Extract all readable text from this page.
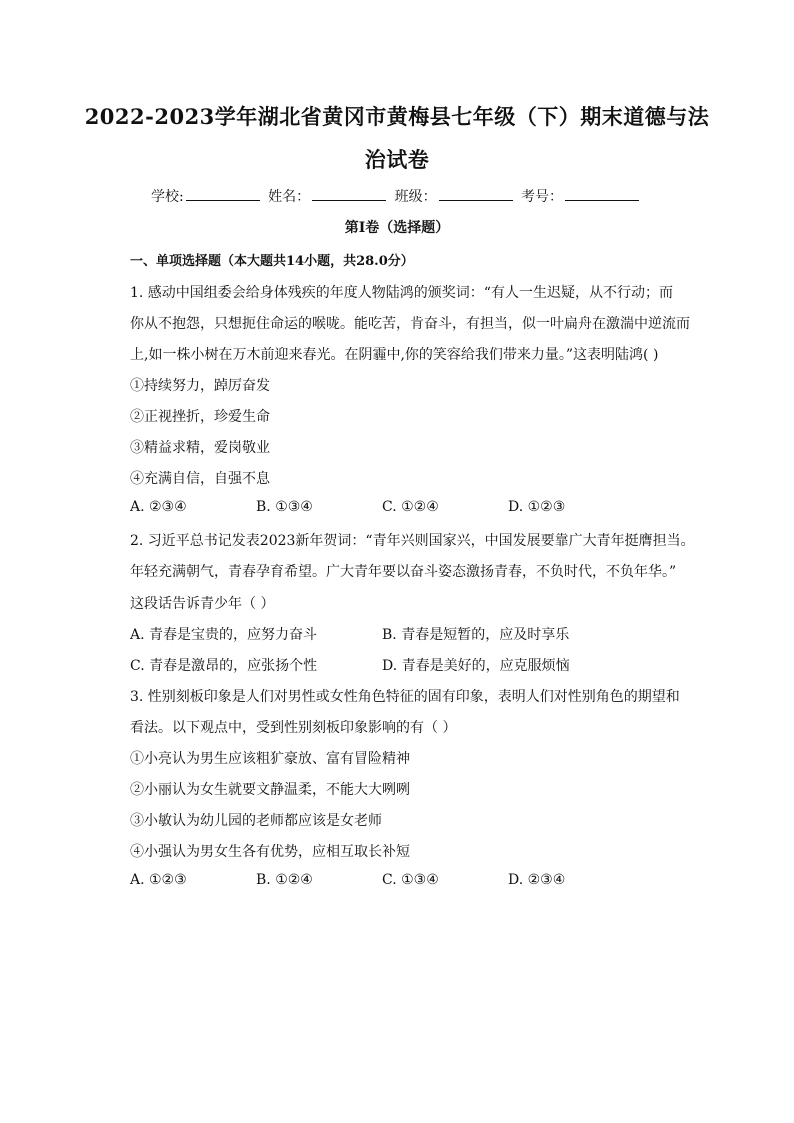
2022-2023学年湖北省黄冈市黄梅县七年级（下）期末道德与法
治试卷
学校:	姓名：	班级：	考号：
第I卷（选择题）
一、单项选择题（本大题共14小题，共28.0分）
1. 感动中国组委会给身体残疾的年度人物陆鸿的颁奖词：“有人一生迟疑，从不行动；而
你从不抱怨，只想扼住命运的喉咙。能吃苦，肯奋斗，有担当，似一叶扁舟在激湍中逆流而
上,如一株小树在万木前迎来春光。在阴霾中,你的笑容给我们带来力量。”这表明陆鸿( )
①持续努力，踔厉奋发
②正视挫折，珍爱生命
③精益求精，爱岗敬业
④充满自信，自强不息
A. ②③④	B. ①③④	C. ①②④	D. ①②③
2. 习近平总书记发表2023新年贺词：“青年兴则国家兴，中国发展要靠广大青年挺膺担当。
年轻充满朝气，青春孕育希望。广大青年要以奋斗姿态激扬青春，不负时代，不负年华。”
这段话告诉青少年（ ）
A. 青春是宝贵的，应努力奋斗	B. 青春是短暂的，应及时享乐
C. 青春是激昂的，应张扬个性	D. 青春是美好的，应克服烦恼
3. 性别刻板印象是人们对男性或女性角色特征的固有印象，表明人们对性别角色的期望和
看法。以下观点中，受到性别刻板印象影响的有（ ）
①小亮认为男生应该粗犷豪放、富有冒险精神
②小丽认为女生就要文静温柔，不能大大咧咧
③小敏认为幼儿园的老师都应该是女老师
④小强认为男女生各有优势，应相互取长补短
A. ①②③	B. ①②④	C. ①③④	D. ②③④
